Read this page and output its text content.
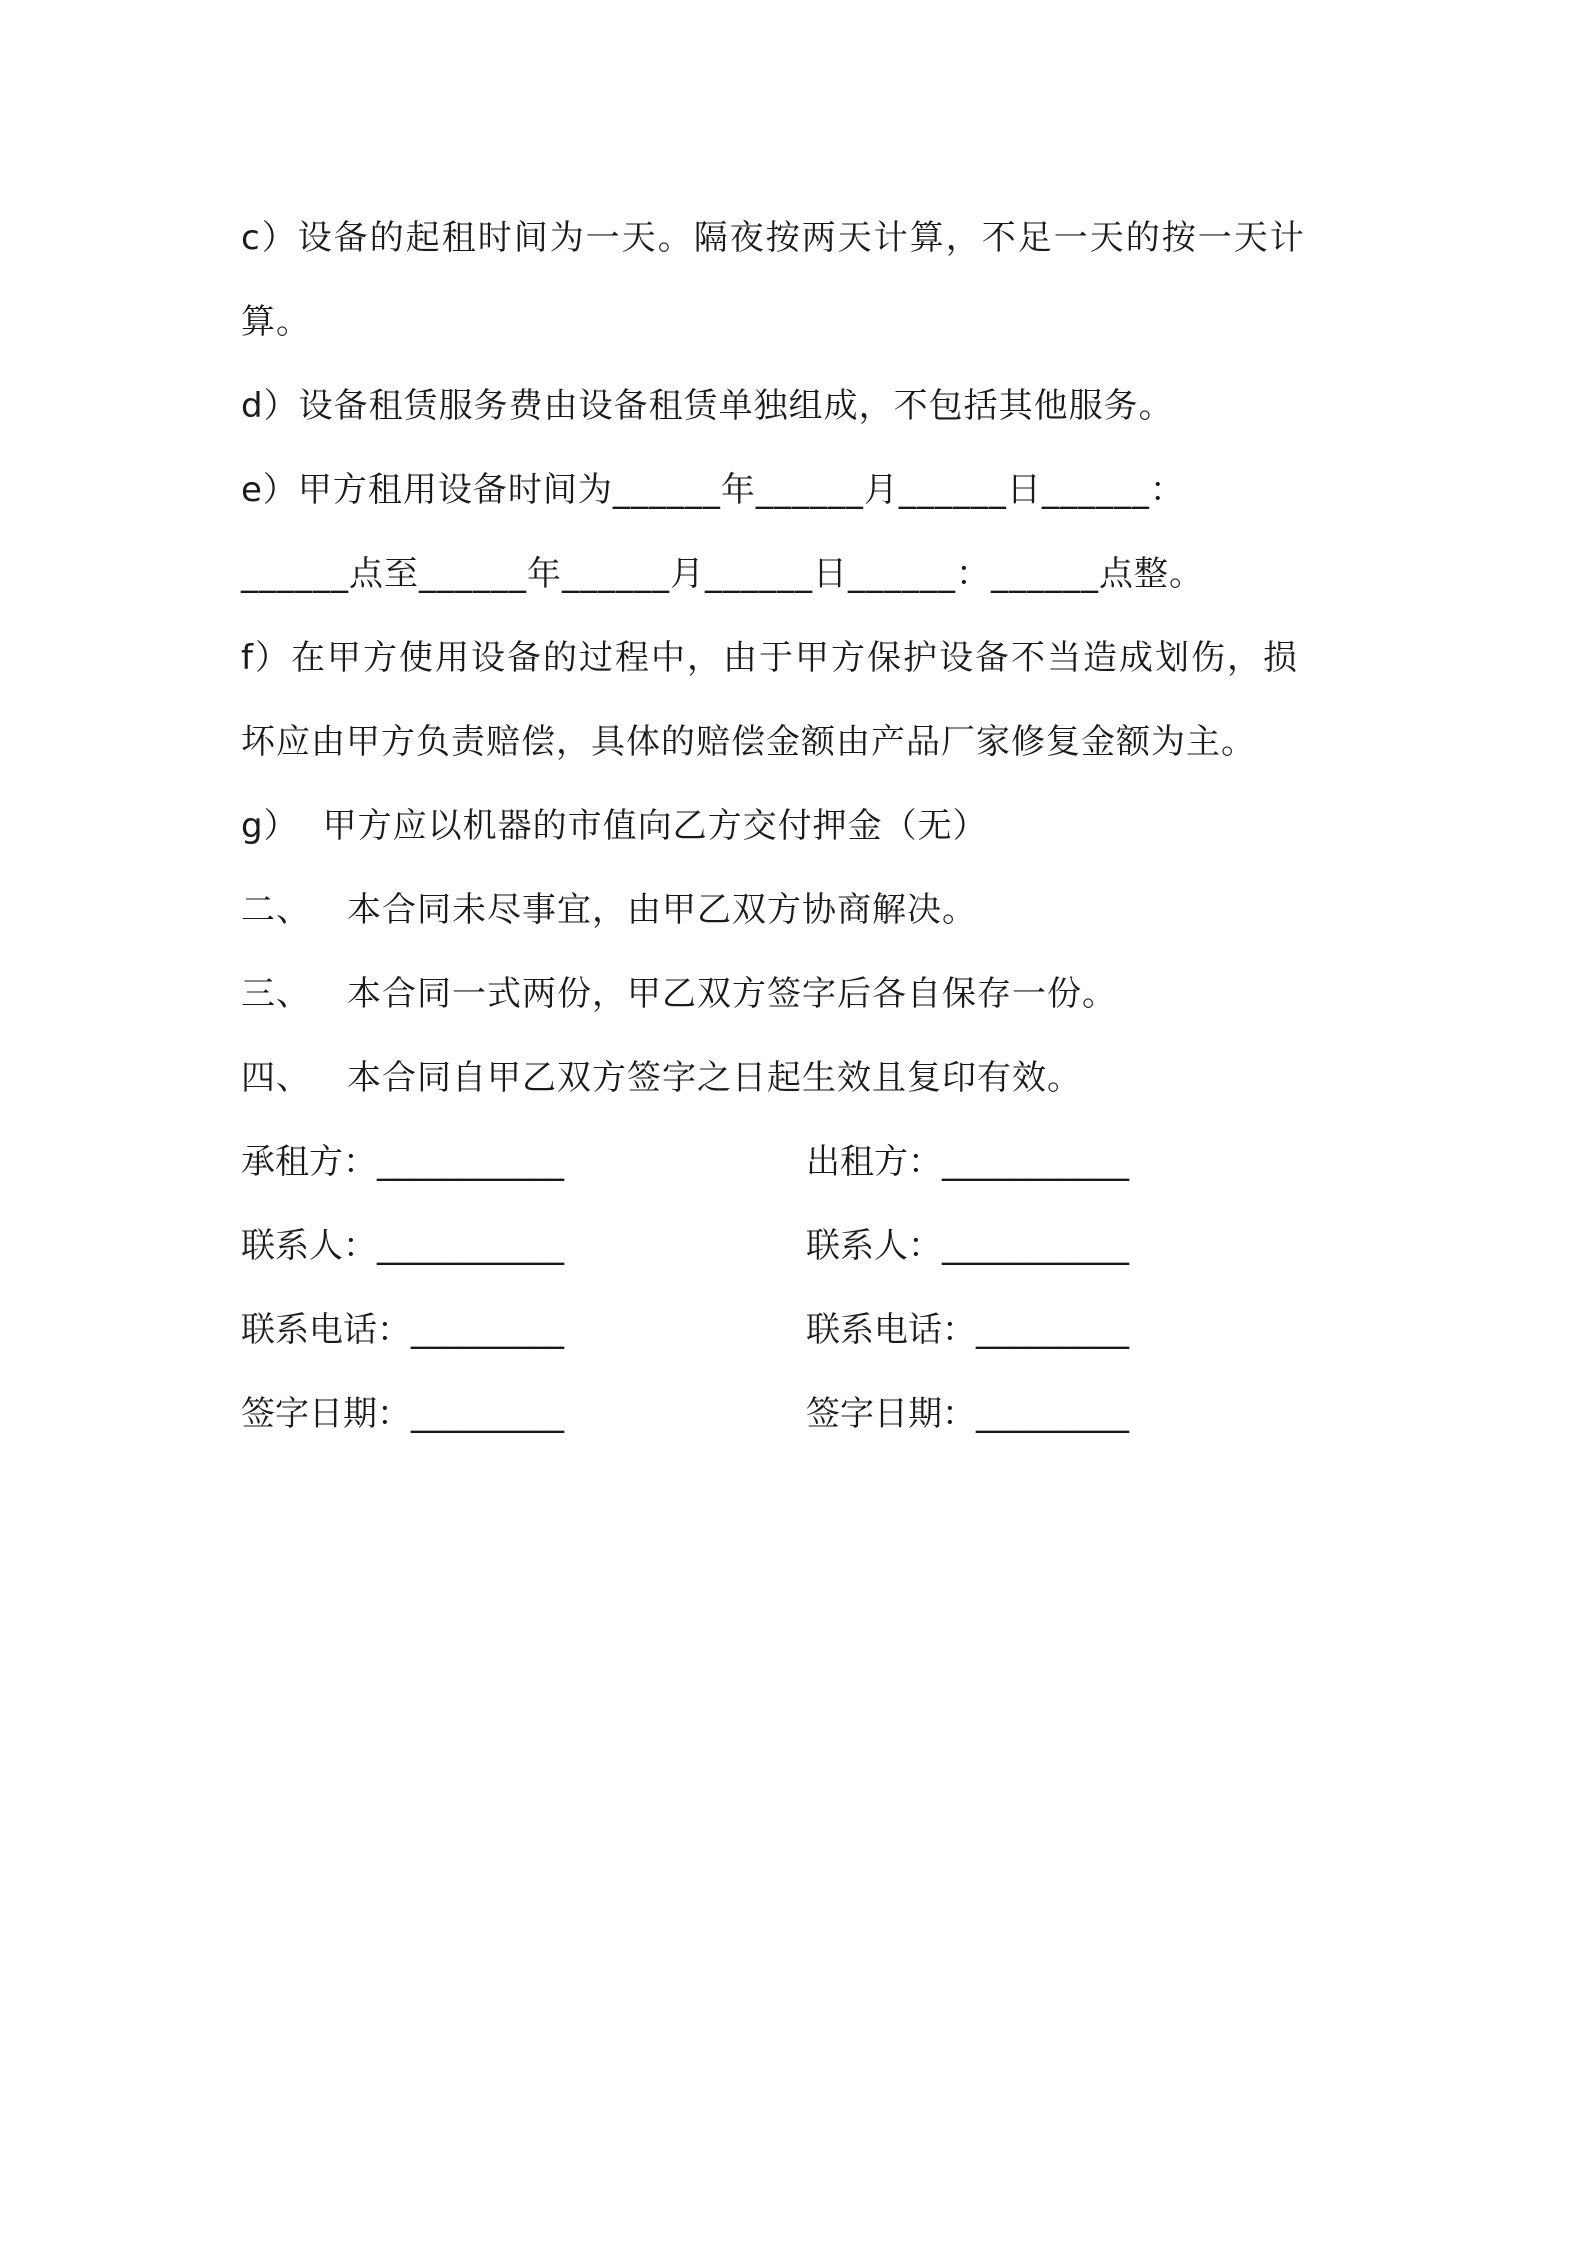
c）设备的起租时间为一天。隔夜按两天计算，不足一天的按一天计
算。
d）设备租赁服务费由设备租赁单独组成，不包括其他服务。
e）甲方租用设备时间为______年______月______日______：
______点至______年______月______日______：______点整。
f）在甲方使用设备的过程中，由于甲方保护设备不当造成划伤，损
坏应由甲方负责赔偿，具体的赔偿金额由产品厂家修复金额为主。
g） 甲方应以机器的市值向乙方交付押金（无）
二、 本合同未尽事宜，由甲乙双方协商解决。
三、 本合同一式两份，甲乙双方签字后各自保存一份。
四、 本合同自甲乙双方签字之日起生效且复印有效。
承租方：___________	出租方：___________
联系人：___________	联系人：___________
联系电话：_________	联系电话：_________
签字日期：_________	签字日期：_________
